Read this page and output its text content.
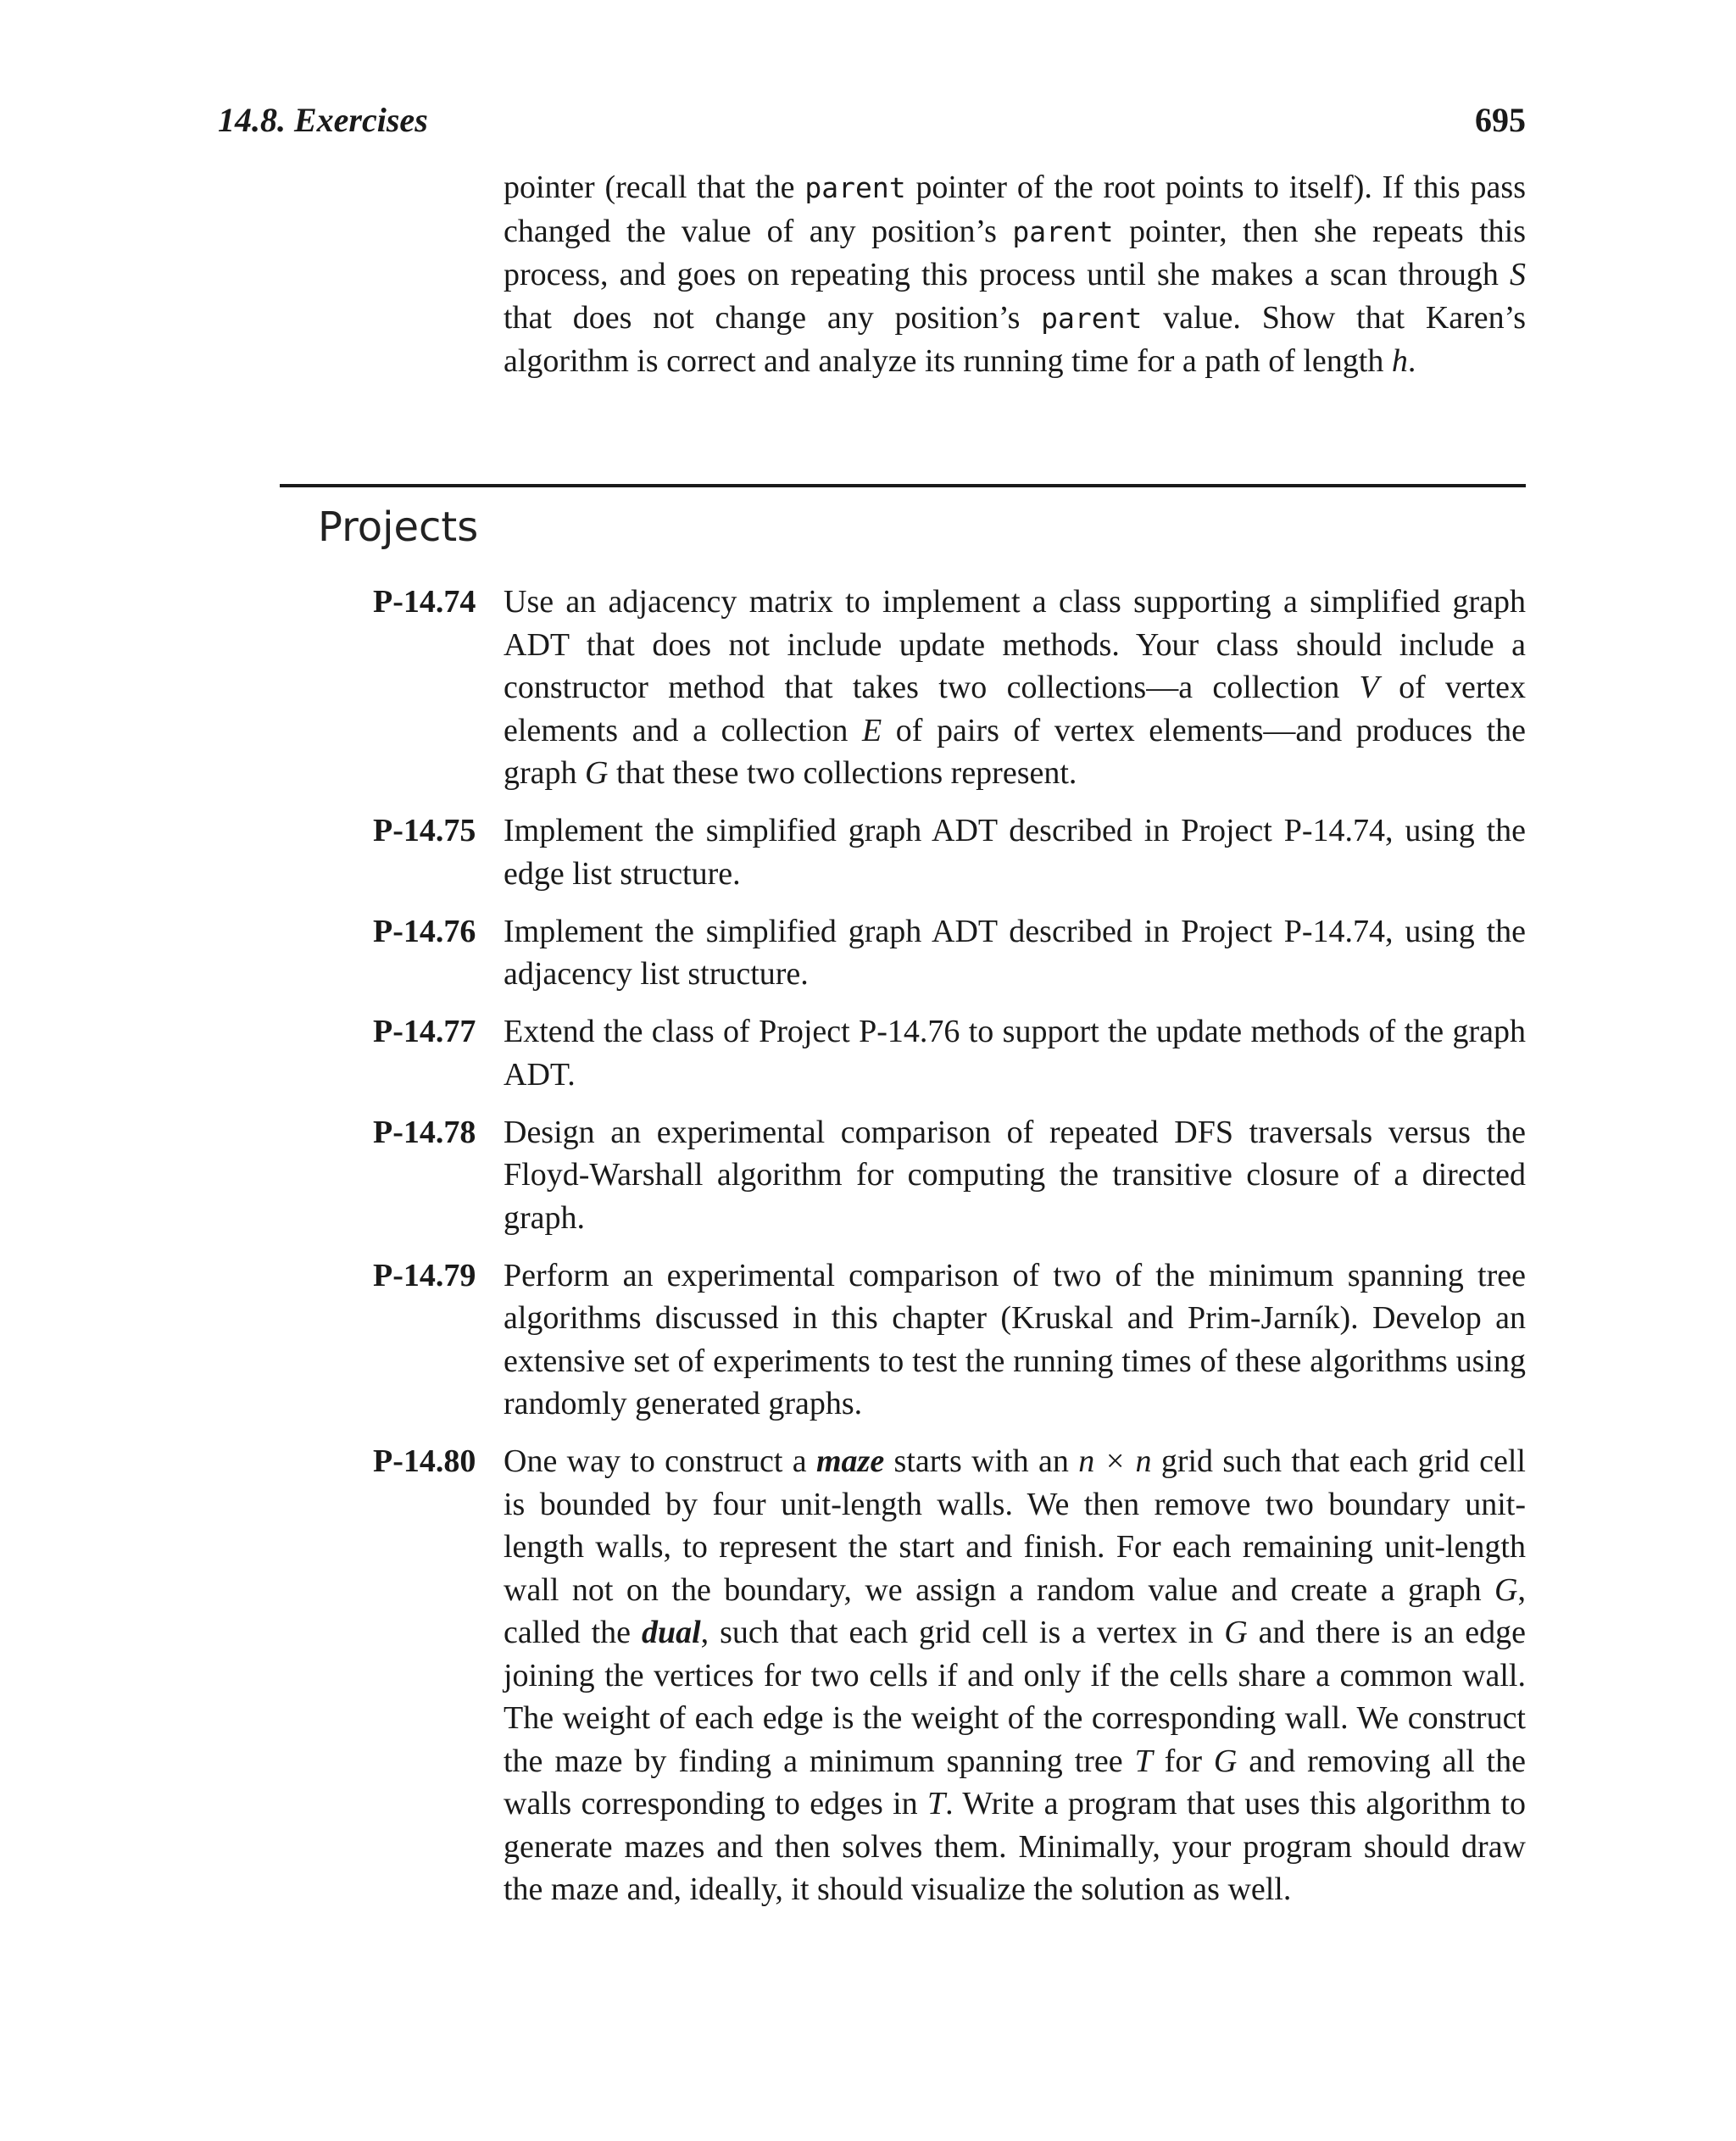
14.8. Exercises	695

pointer (recall that the parent pointer of the root points to itself). If this pass changed the value of any position’s parent pointer, then she repeats this process, and goes on repeating this process until she makes a scan through S that does not change any position’s parent value. Show that Karen’s algorithm is correct and analyze its running time for a path of length h.

Projects
P-14.74 Use an adjacency matrix to implement a class supporting a simplified graph ADT that does not include update methods. Your class should include a constructor method that takes two collections—a collection V of vertex elements and a collection E of pairs of vertex elements—and produces the graph G that these two collections represent.
P-14.75 Implement the simplified graph ADT described in Project P-14.74, using the edge list structure.
P-14.76 Implement the simplified graph ADT described in Project P-14.74, using the adjacency list structure.
P-14.77 Extend the class of Project P-14.76 to support the update methods of the graph ADT.
P-14.78 Design an experimental comparison of repeated DFS traversals versus the Floyd-Warshall algorithm for computing the transitive closure of a directed graph.
P-14.79 Perform an experimental comparison of two of the minimum spanning tree algorithms discussed in this chapter (Kruskal and Prim-Jarník). Develop an extensive set of experiments to test the running times of these algorithms using randomly generated graphs.
P-14.80 One way to construct a maze starts with an n × n grid such that each grid cell is bounded by four unit-length walls. We then remove two boundary unit-length walls, to represent the start and finish. For each remaining unit-length wall not on the boundary, we assign a random value and create a graph G, called the dual, such that each grid cell is a vertex in G and there is an edge joining the vertices for two cells if and only if the cells share a common wall. The weight of each edge is the weight of the corresponding wall. We construct the maze by finding a minimum spanning tree T for G and removing all the walls corresponding to edges in T. Write a program that uses this algorithm to generate mazes and then solves them. Minimally, your program should draw the maze and, ideally, it should visualize the solution as well.
